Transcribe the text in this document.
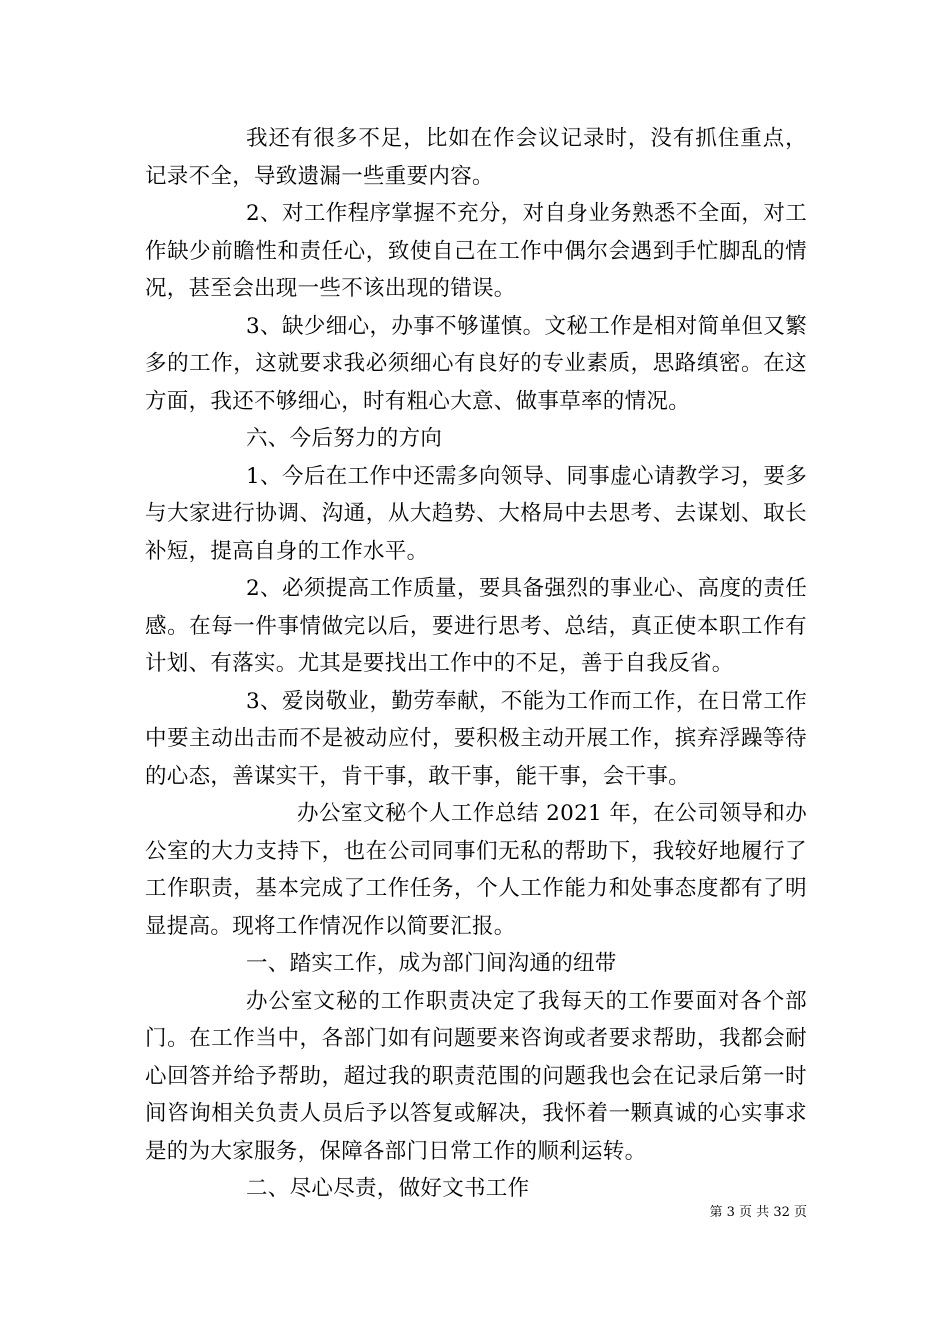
我还有很多不足，比如在作会议记录时，没有抓住重点，记录不全，导致遗漏一些重要内容。

2、对工作程序掌握不充分，对自身业务熟悉不全面，对工作缺少前瞻性和责任心，致使自己在工作中偶尔会遇到手忙脚乱的情况，甚至会出现一些不该出现的错误。

3、缺少细心，办事不够谨慎。文秘工作是相对简单但又繁多的工作，这就要求我必须细心有良好的专业素质，思路缜密。在这方面，我还不够细心，时有粗心大意、做事草率的情况。

六、今后努力的方向

1、今后在工作中还需多向领导、同事虚心请教学习，要多与大家进行协调、沟通，从大趋势、大格局中去思考、去谋划、取长补短，提高自身的工作水平。

2、必须提高工作质量，要具备强烈的事业心、高度的责任感。在每一件事情做完以后，要进行思考、总结，真正使本职工作有计划、有落实。尤其是要找出工作中的不足，善于自我反省。

3、爱岗敬业，勤劳奉献，不能为工作而工作，在日常工作中要主动出击而不是被动应付，要积极主动开展工作，摈弃浮躁等待的心态，善谋实干，肯干事，敢干事，能干事，会干事。

办公室文秘个人工作总结 2021 年，在公司领导和办公室的大力支持下，也在公司同事们无私的帮助下，我较好地履行了工作职责，基本完成了工作任务，个人工作能力和处事态度都有了明显提高。现将工作情况作以简要汇报。

一、踏实工作，成为部门间沟通的纽带

办公室文秘的工作职责决定了我每天的工作要面对各个部门。在工作当中，各部门如有问题要来咨询或者要求帮助，我都会耐心回答并给予帮助，超过我的职责范围的问题我也会在记录后第一时间咨询相关负责人员后予以答复或解决，我怀着一颗真诚的心实事求是的为大家服务，保障各部门日常工作的顺利运转。

二、尽心尽责，做好文书工作

第 3 页 共 32 页
